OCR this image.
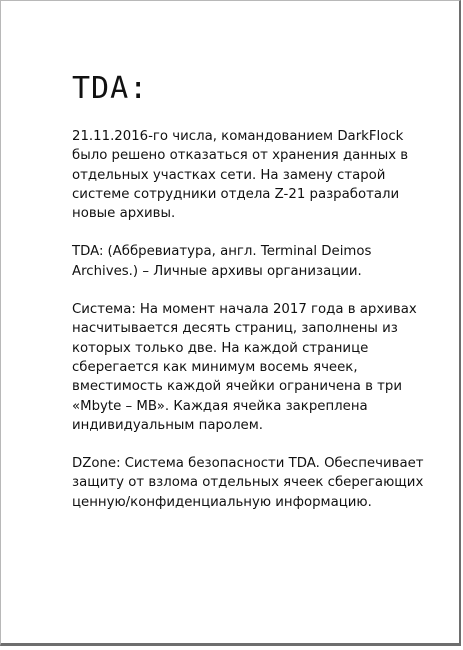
TDA:

21.11.2016-го числа, командованием DarkFlock было решено отказаться от хранения данных в отдельных участках сети. На замену старой системе сотрудники отдела Z-21 разработали новые архивы.

TDA: (Аббревиатура, англ. Terminal Deimos Archives.) – Личные архивы организации.

Система: На момент начала 2017 года в архивах насчитывается десять страниц, заполнены из которых только две. На каждой странице сберегается как минимум восемь ячеек, вместимость каждой ячейки ограничена в три «Mbyte – MB». Каждая ячейка закреплена индивидуальным паролем.

DZone: Система безопасности TDA. Обеспечивает защиту от взлома отдельных ячеек сберегающих ценную/конфиденциальную информацию.
